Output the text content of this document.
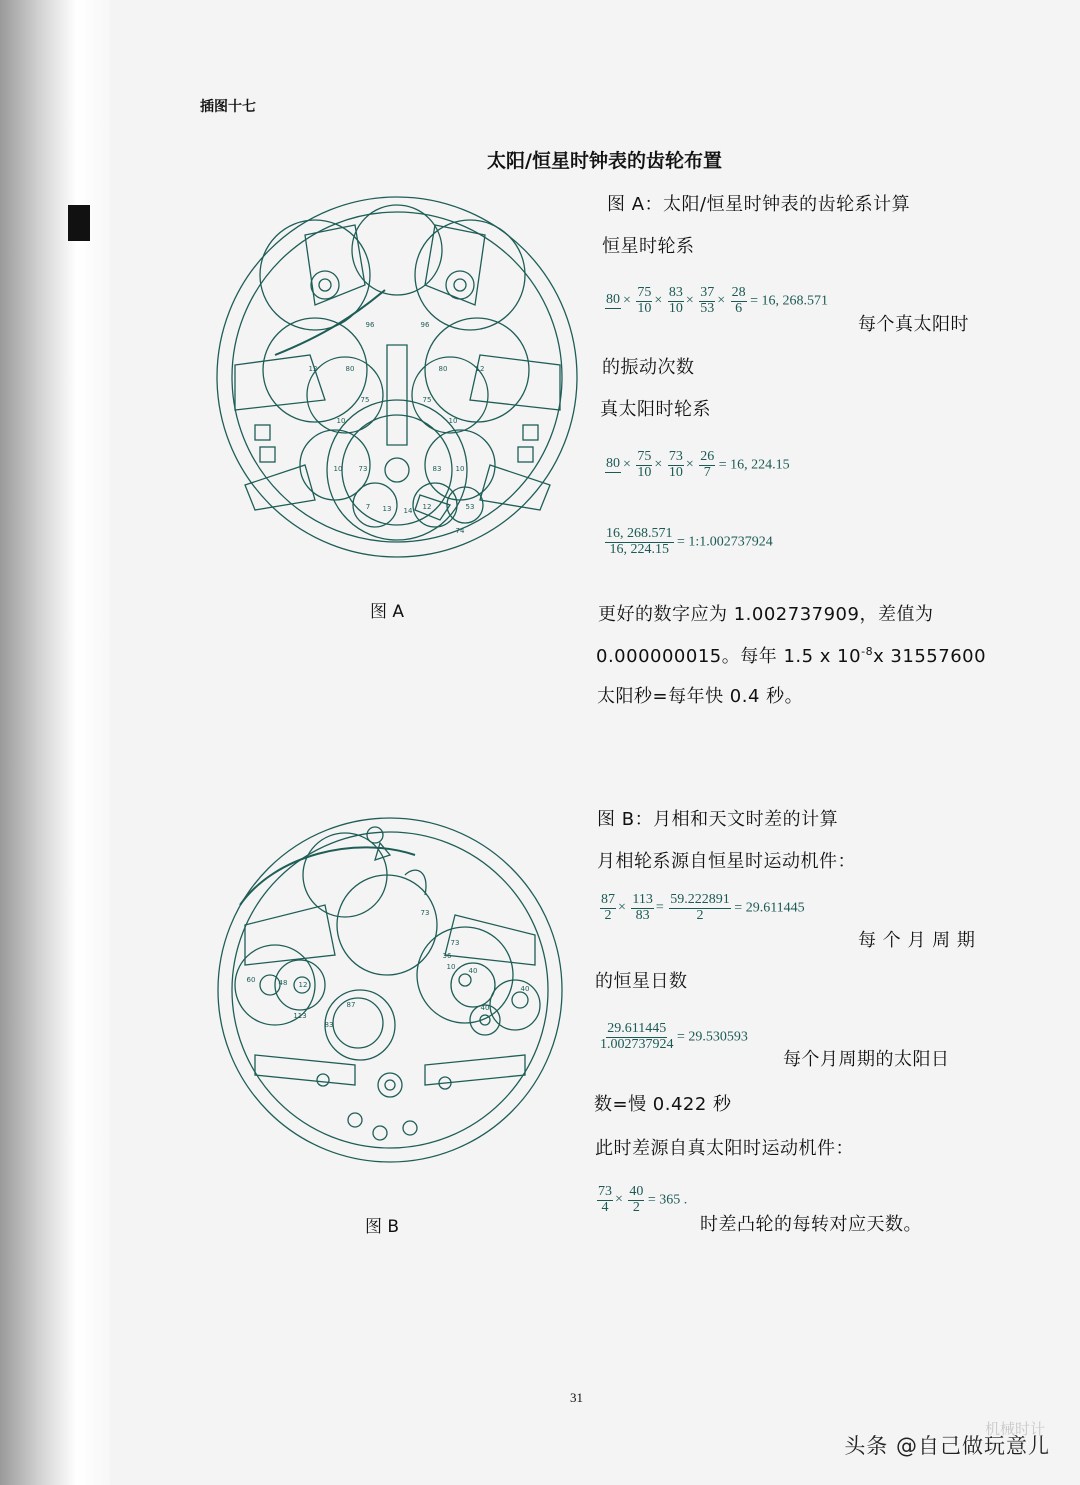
插图十七
太阳/恒星时钟表的齿轮布置
96	96
12	80	80	12
75	75
10	10
10 73	83 10
7 13 14 12	53
74
图 A：太阳/恒星时钟表的齿轮系计算
恒星时轮系
$80 \times \frac{75}{10} \times \frac{83}{10} \times \frac{37}{53} \times \frac{28}{6} = 16$, 268.571
每个真太阳时
的振动次数
真太阳时轮系
$80 \times \frac{75}{10} \times \frac{73}{10} \times \frac{26}{7} = 16$, 224.15
$\frac{16, 268.571}{16, 224.15}$ = 1:1.002737924
图 A	更好的数字应为 1.002737909，差值为
0.000000015。每年 1.5 x $10^{-8}x$ 31557600
太阳秒=每年快 0.4 秒。
73
73
36
10 40
60	48 12
113
87
83
40
40
图 B：月相和天文时差的计算
月相轮系源自恒星时运动机件：
$\frac{87}{2} \times \frac{113}{83} = \frac{59.222891}{2} = 29.611445$
每 个 月 周 期
的恒星日数
$\frac{29.611445}{1.002737924} = 29.530593$
每个月周期的太阳日
数=慢 0.422 秒
此时差源自真太阳时运动机件：
$\frac{73}{4} \times \frac{40}{2} = 365$ .
时差凸轮的每转对应天数。
图 B
31
机械时计
头条 @自己做玩意儿
